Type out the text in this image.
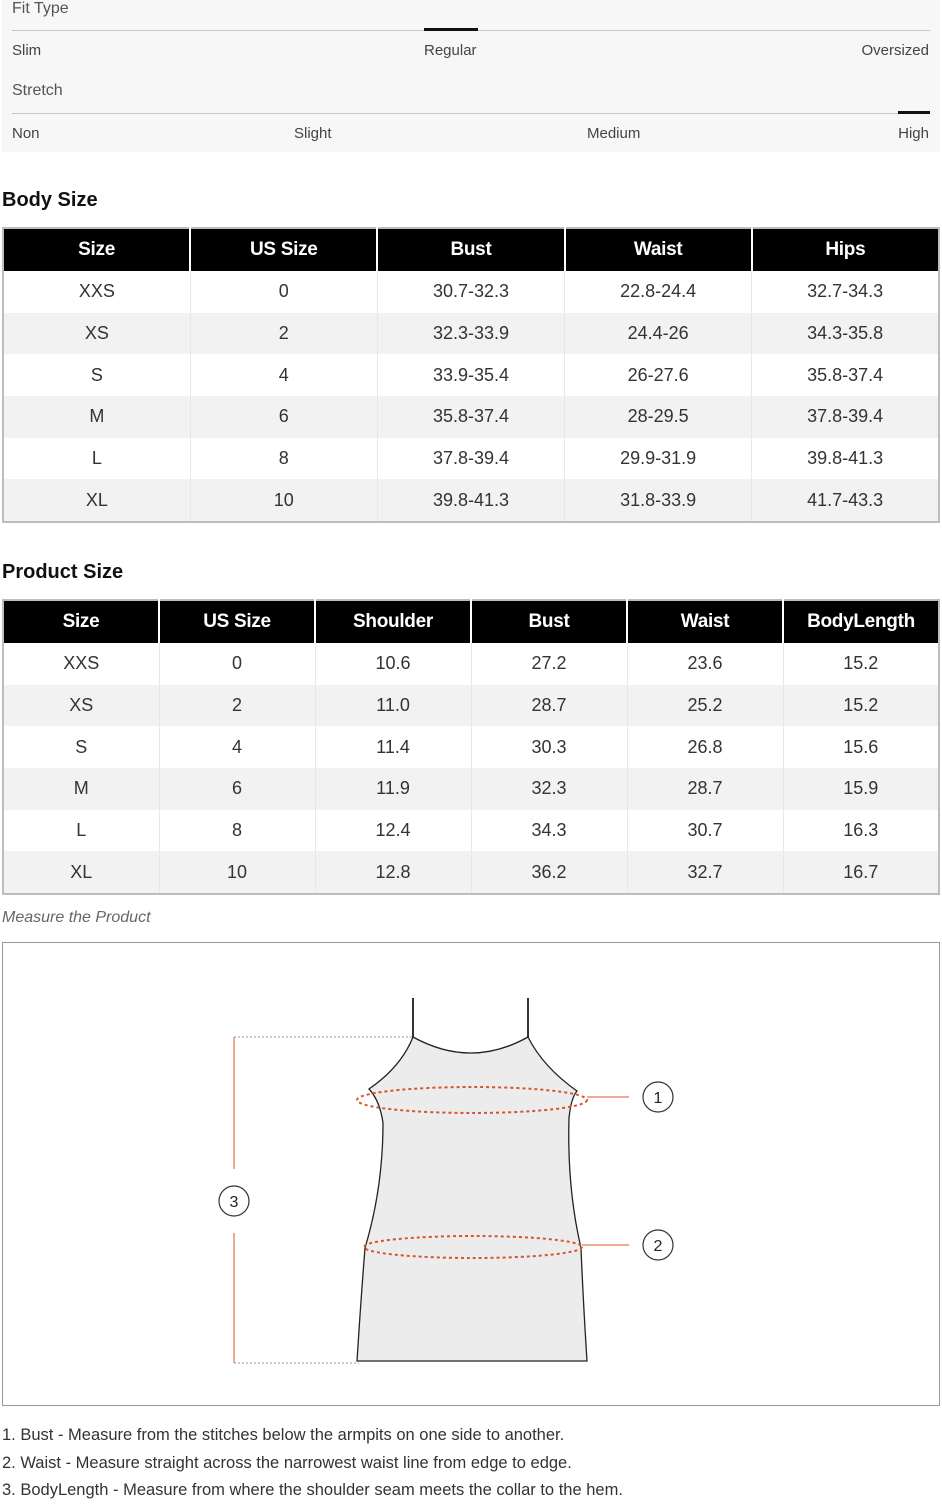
Fit Type
Slim	Regular	Oversized
Stretch
Non	Slight	Medium	High
Body Size
Size	US Size	Bust	Waist	Hips
XXS	0	30.7-32.3	22.8-24.4	32.7-34.3
XS	2	32.3-33.9	24.4-26	34.3-35.8
S	4	33.9-35.4	26-27.6	35.8-37.4
M	6	35.8-37.4	28-29.5	37.8-39.4
L	8	37.8-39.4	29.9-31.9	39.8-41.3
XL	10	39.8-41.3	31.8-33.9	41.7-43.3
Product Size
Size	US Size	Shoulder	Bust	Waist	BodyLength
XXS	0	10.6	27.2	23.6	15.2
XS	2	11.0	28.7	25.2	15.2
S	4	11.4	30.3	26.8	15.6
M	6	11.9	32.3	28.7	15.9
L	8	12.4	34.3	30.7	16.3
XL	10	12.8	36.2	32.7	16.7
Measure the Product
1
2
3
1. Bust - Measure from the stitches below the armpits on one side to another.
2. Waist - Measure straight across the narrowest waist line from edge to edge.
3. BodyLength - Measure from where the shoulder seam meets the collar to the hem.
